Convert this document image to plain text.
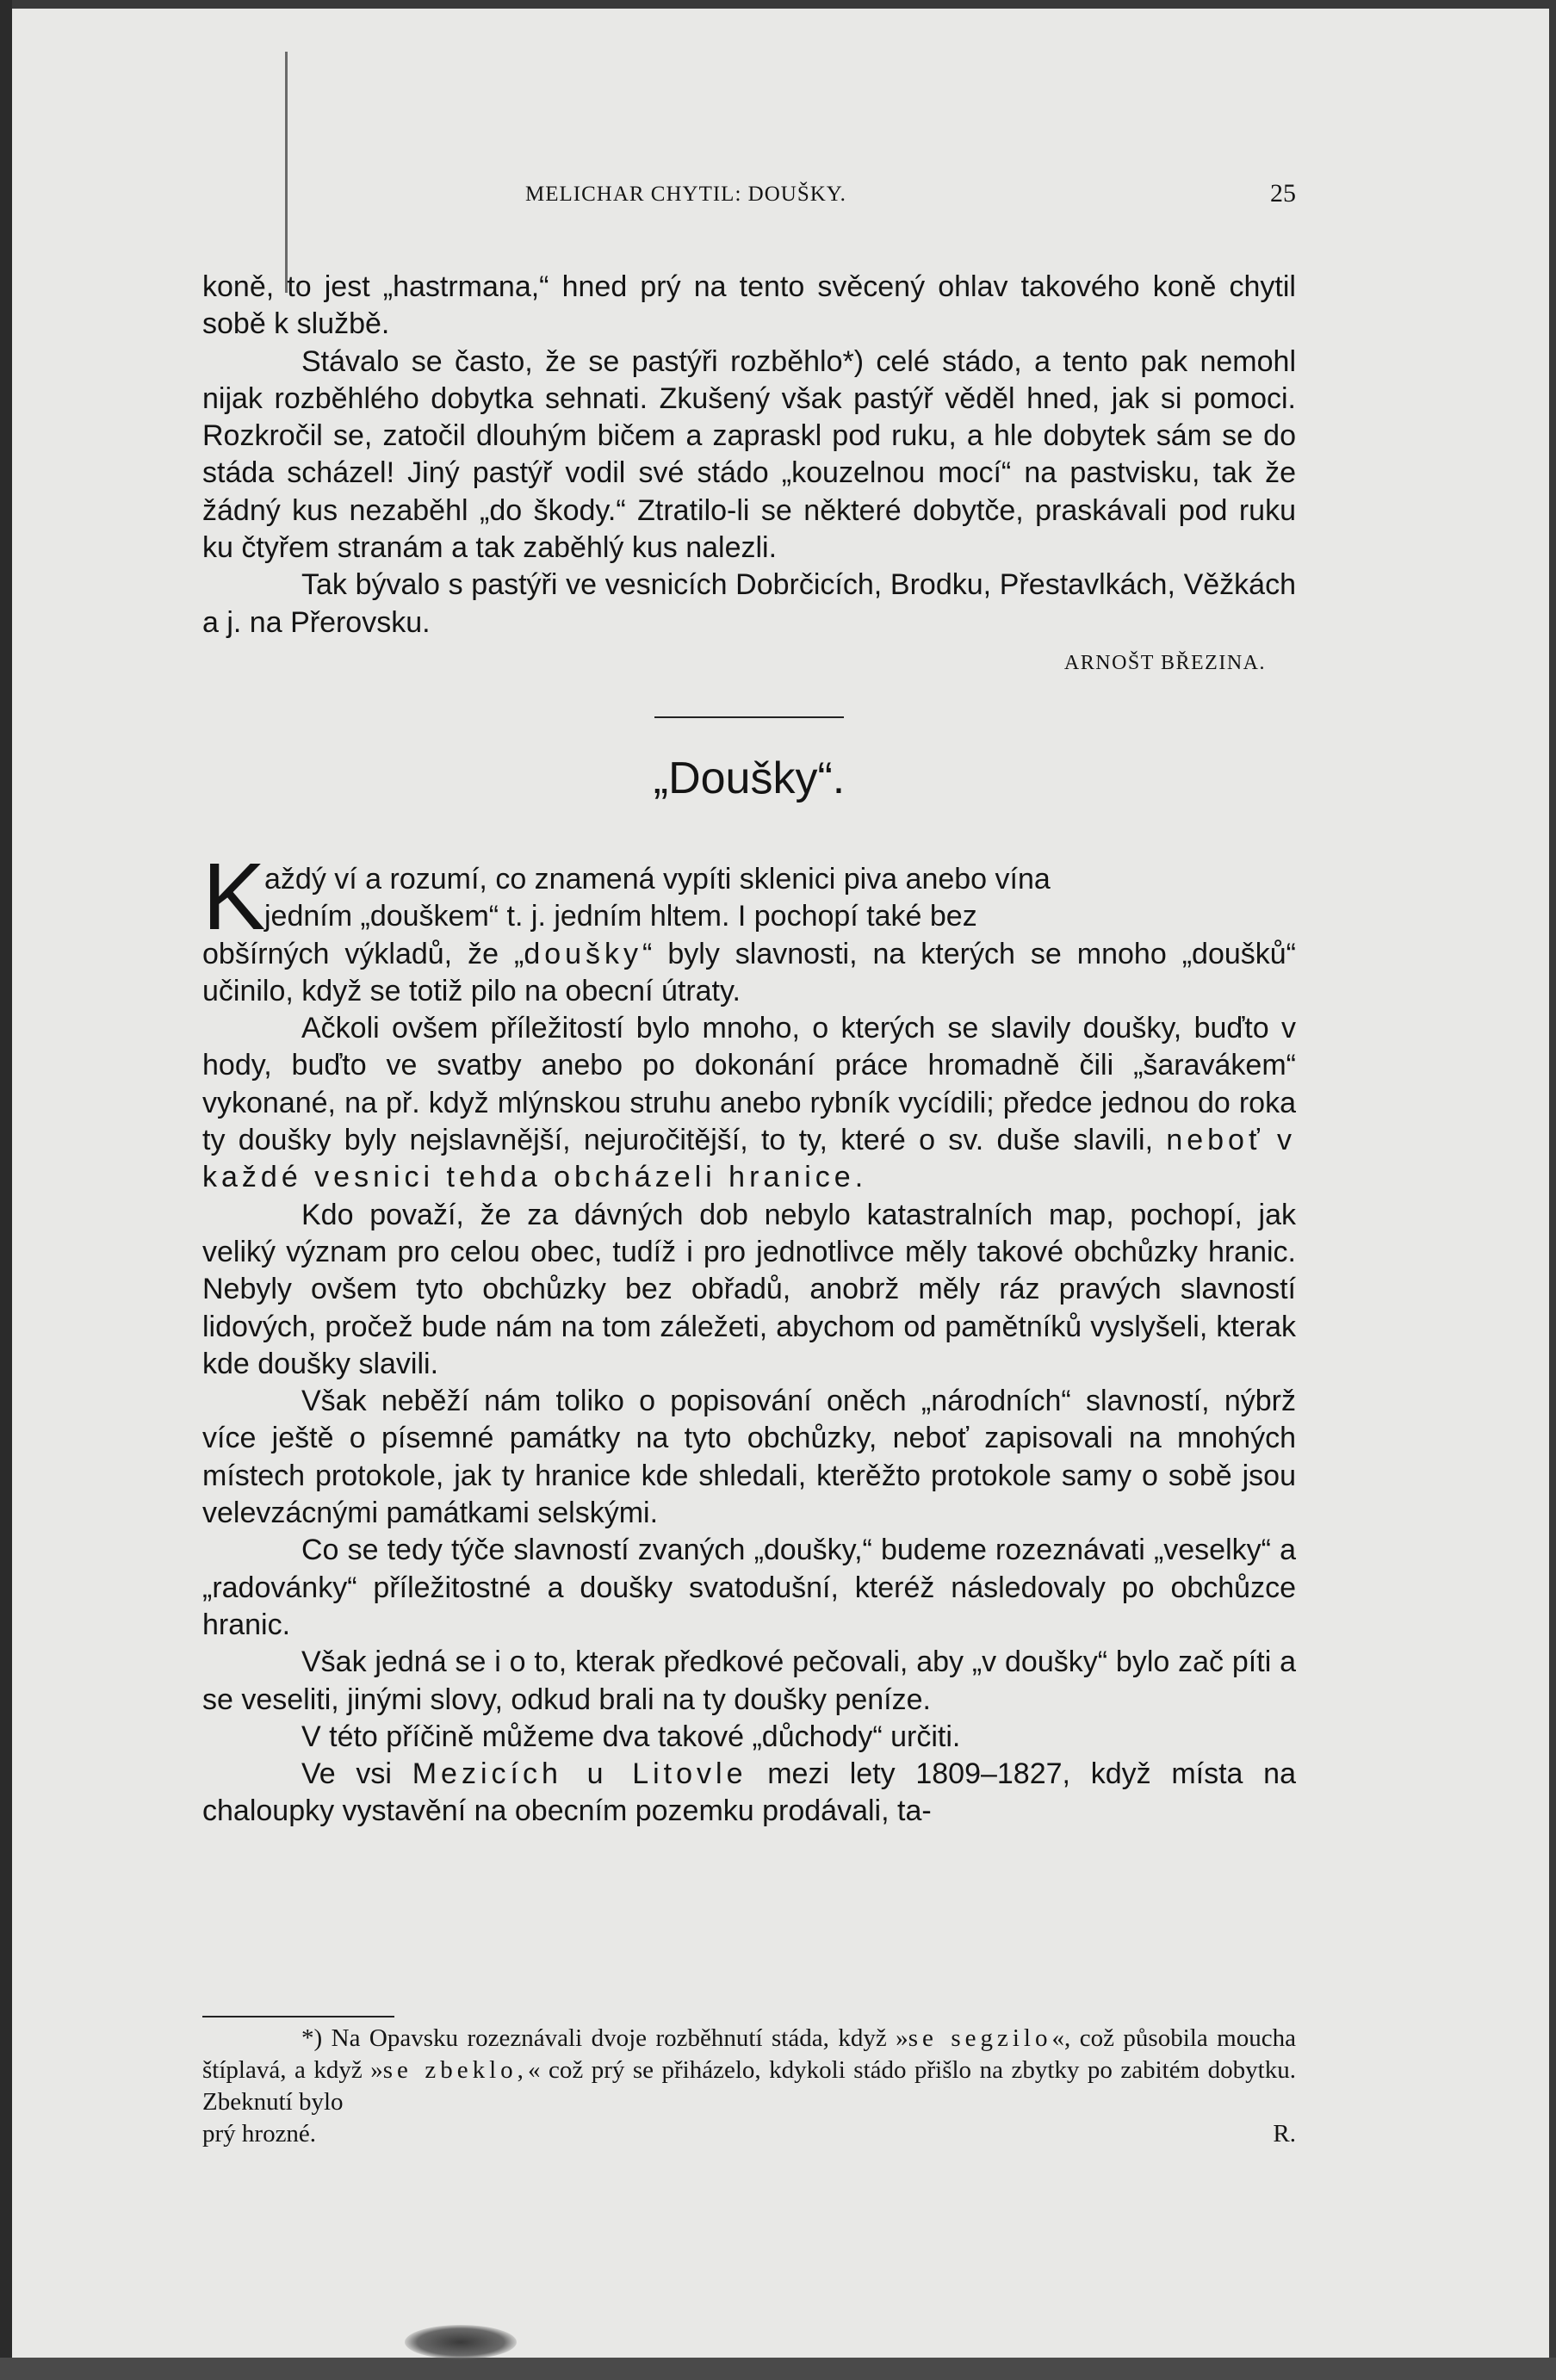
MELICHAR CHYTIL: DOUŠKY.	25

koně, to jest „hastrmana,“ hned prý na tento svěcený ohlav takového koně chytil sobě k službě.

Stávalo se často, že se pastýři rozběhlo*) celé stádo, a tento pak nemohl nijak rozběhlého dobytka sehnati. Zkušený však pastýř věděl hned, jak si pomoci. Rozkročil se, zatočil dlouhým bičem a zapraskl pod ruku, a hle dobytek sám se do stáda scházel! Jiný pastýř vodil své stádo „kouzelnou mocí“ na pastvisku, tak že žádný kus nezaběhl „do škody.“ Ztratilo-li se některé dobytče, praskávali pod ruku ku čtyřem stranám a tak zaběhlý kus nalezli.

Tak bývalo s pastýři ve vesnicích Dobrčicích, Brodku, Přestavlkách, Věžkách a j. na Přerovsku.

ARNOŠT BŘEZINA.
„Doušky“.
K

aždý ví a rozumí, co znamená vypíti sklenici piva anebo vína

jedním „douškem“ t. j. jedním hltem. I pochopí také bez

obšírných výkladů, že „doušky“ byly slavnosti, na kterých se mnoho „doušků“ učinilo, když se totiž pilo na obecní útraty.

Ačkoli ovšem příležitostí bylo mnoho, o kterých se slavily doušky, buďto v hody, buďto ve svatby anebo po dokonání práce hromadně čili „šaravákem“ vykonané, na př. když mlýnskou struhu anebo rybník vycídili; předce jednou do roka ty doušky byly nejslavnější, nejuročitější, to ty, které o sv. duše slavili, neboť v každé vesnici tehda obcházeli hranice.

Kdo považí, že za dávných dob nebylo katastralních map, pochopí, jak veliký význam pro celou obec, tudíž i pro jednotlivce měly takové obchůzky hranic. Nebyly ovšem tyto obchůzky bez obřadů, anobrž měly ráz pravých slavností lidových, pročež bude nám na tom záležeti, abychom od pamětníků vyslyšeli, kterak kde doušky slavili.

Však neběží nám toliko o popisování oněch „národních“ slavností, nýbrž více ještě o písemné památky na tyto obchůzky, neboť zapisovali na mnohých místech protokole, jak ty hranice kde shledali, kterěžto protokole samy o sobě jsou velevzácnými památkami selskými.

Co se tedy týče slavností zvaných „doušky,“ budeme rozeznávati „veselky“ a „radovánky“ příležitostné a doušky svatodušní, kteréž následovaly po obchůzce hranic.

Však jedná se i o to, kterak předkové pečovali, aby „v doušky“ bylo zač píti a se veseliti, jinými slovy, odkud brali na ty doušky peníze.

V této příčině můžeme dva takové „důchody“ určiti.

Ve vsi Mezicích u Litovle mezi lety 1809–1827, když místa na chaloupky vystavění na obecním pozemku prodávali, ta-

*) Na Opavsku rozeznávali dvoje rozběhnutí stáda, když »se segzilo«, což působila moucha štíplavá, a když »se zbeklo,« což prý se přiházelo, kdykoli stádo přišlo na zbytky po zabitém dobytku. Zbeknutí bylo

prý hrozné.	R.
